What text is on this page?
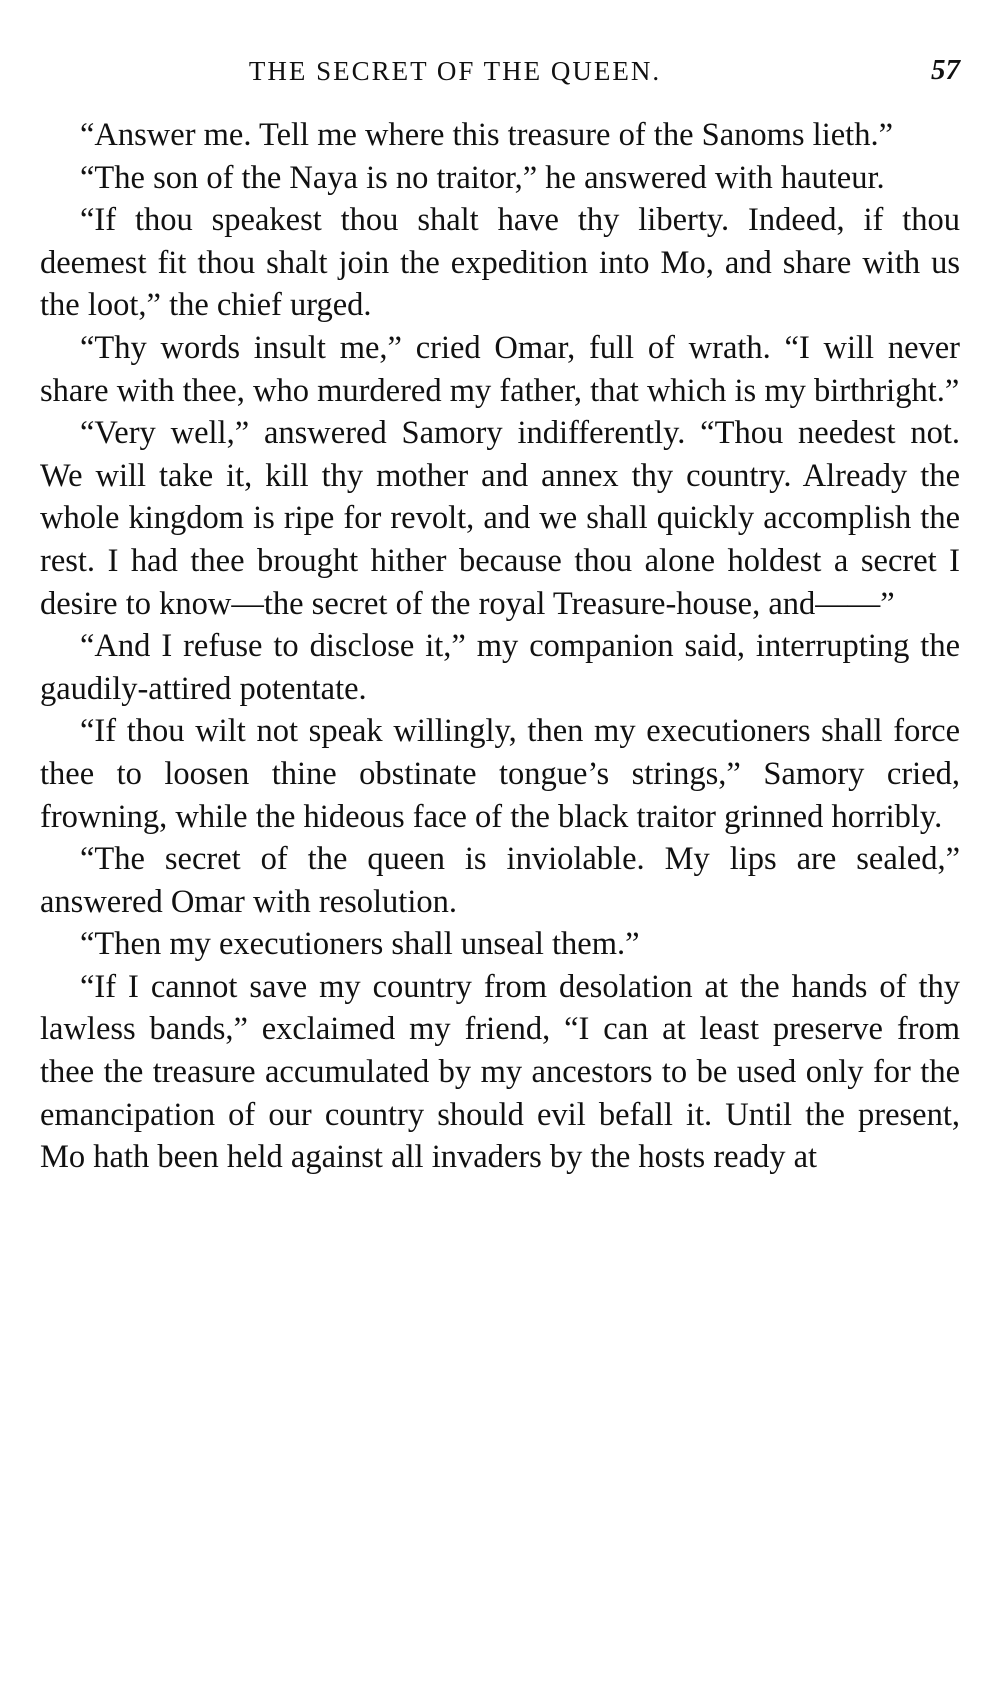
THE SECRET OF THE QUEEN.	57

“Answer me. Tell me where this treasure of the Sanoms lieth.”

“The son of the Naya is no traitor,” he answered with hauteur.

“If thou speakest thou shalt have thy liberty. Indeed, if thou deemest fit thou shalt join the expedition into Mo, and share with us the loot,” the chief urged.

“Thy words insult me,” cried Omar, full of wrath. “I will never share with thee, who murdered my father, that which is my birthright.”

“Very well,” answered Samory indifferently. “Thou needest not. We will take it, kill thy mother and annex thy country. Already the whole kingdom is ripe for revolt, and we shall quickly accomplish the rest. I had thee brought hither because thou alone holdest a secret I desire to know—the secret of the royal Treasure-house, and——”

“And I refuse to disclose it,” my companion said, interrupting the gaudily-attired potentate.

“If thou wilt not speak willingly, then my executioners shall force thee to loosen thine obstinate tongue’s strings,” Samory cried, frowning, while the hideous face of the black traitor grinned horribly.

“The secret of the queen is inviolable. My lips are sealed,” answered Omar with resolution.

“Then my executioners shall unseal them.”

“If I cannot save my country from desolation at the hands of thy lawless bands,” exclaimed my friend, “I can at least preserve from thee the treasure accumulated by my ancestors to be used only for the emancipation of our country should evil befall it. Until the present, Mo hath been held against all invaders by the hosts ready at
